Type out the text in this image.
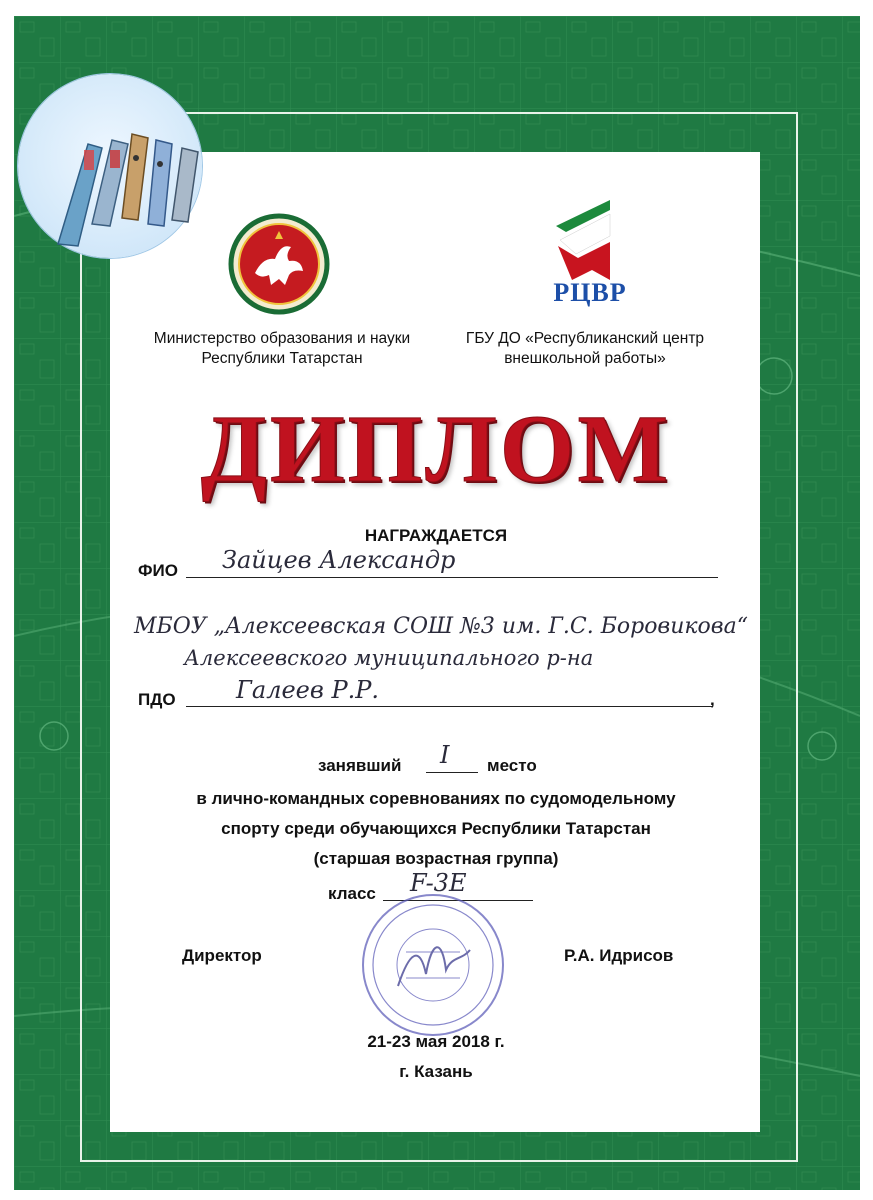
РЦВР
Министерство образования и науки
Республики Татарстан
ГБУ ДО «Республиканский центр
внешкольной работы»
ДИПЛОМ
НАГРАЖДАЕТСЯ
ФИО Зайцев Александр
МБОУ „Алексеевская СОШ №3 им. Г.С. Боровикова“
Алексеевского муниципального р-на
ПДО	Галеев Р.Р.	,
занявший I место
в лично-командных соревнованиях по судомодельному
спорту среди обучающихся Республики Татарстан
(старшая возрастная группа)
класс F-3E
Директор	Р.А. Идрисов
21-23 мая 2018 г.
г. Казань
